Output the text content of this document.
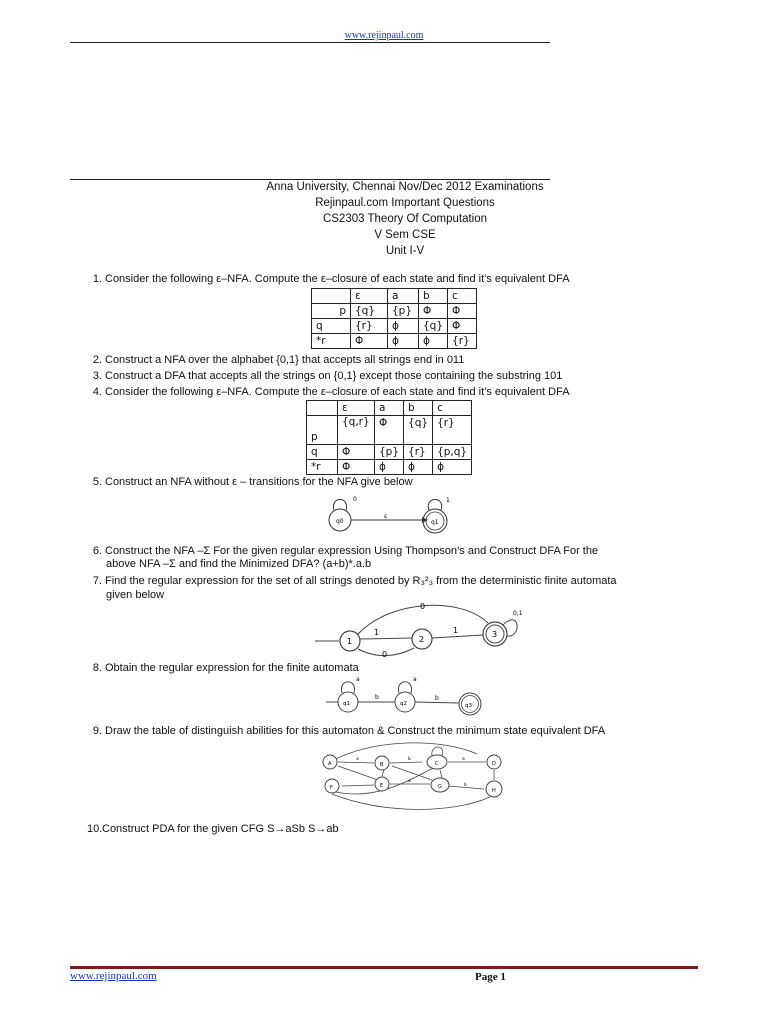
www.rejinpaul.com
Anna University, Chennai Nov/Dec 2012 Examinations
Rejinpaul.com Important Questions
CS2303 Theory Of Computation
V Sem CSE
Unit I-V
1. Consider the following ε–NFA. Compute the ε–closure of each state and find it’s equivalent DFA
	ε	a	b	c
p	{q}	{p}	Φ	Φ
q	{r}	ϕ	{q}	Φ
*r	Φ	ϕ	ϕ	{r}
2. Construct a NFA over the alphabet {0,1} that accepts all strings end in 011
3. Construct a DFA that accepts all the strings on {0,1} except those containing the substring 101
4. Consider the following ε–NFA. Compute the ε–closure of each state and find it’s equivalent DFA
	ε	a	b	c
p	{q,r}	Φ	{q}	{r}
q	Φ	{p}	{r}	{p,q}
*r	Φ	ϕ	ϕ	ϕ
5. Construct an NFA without ε – transitions for the NFA give below
q0	q1
0	1
ε
6. Construct the NFA –Σ For the given regular expression Using Thompson’s and Construct DFA For the
above NFA –Σ and find the Minimized DFA? (a+b)*.a.b
7. Find the regular expression for the set of all strings denoted by R₃²₃ from the deterministic finite automata
given below
1	2
3
0
1
0
1
0,1
8. Obtain the regular expression for the finite automata
q1	q2	q3
a	a
b	b
9. Draw the table of distinguish abilities for this automaton & Construct the minimum state equivalent DFA
A	B	C	D
E
F	G
H
a	a
b
a
b
10.Construct PDA for the given CFG S→aSb S→ab
www.rejinpaul.com	Page 1
